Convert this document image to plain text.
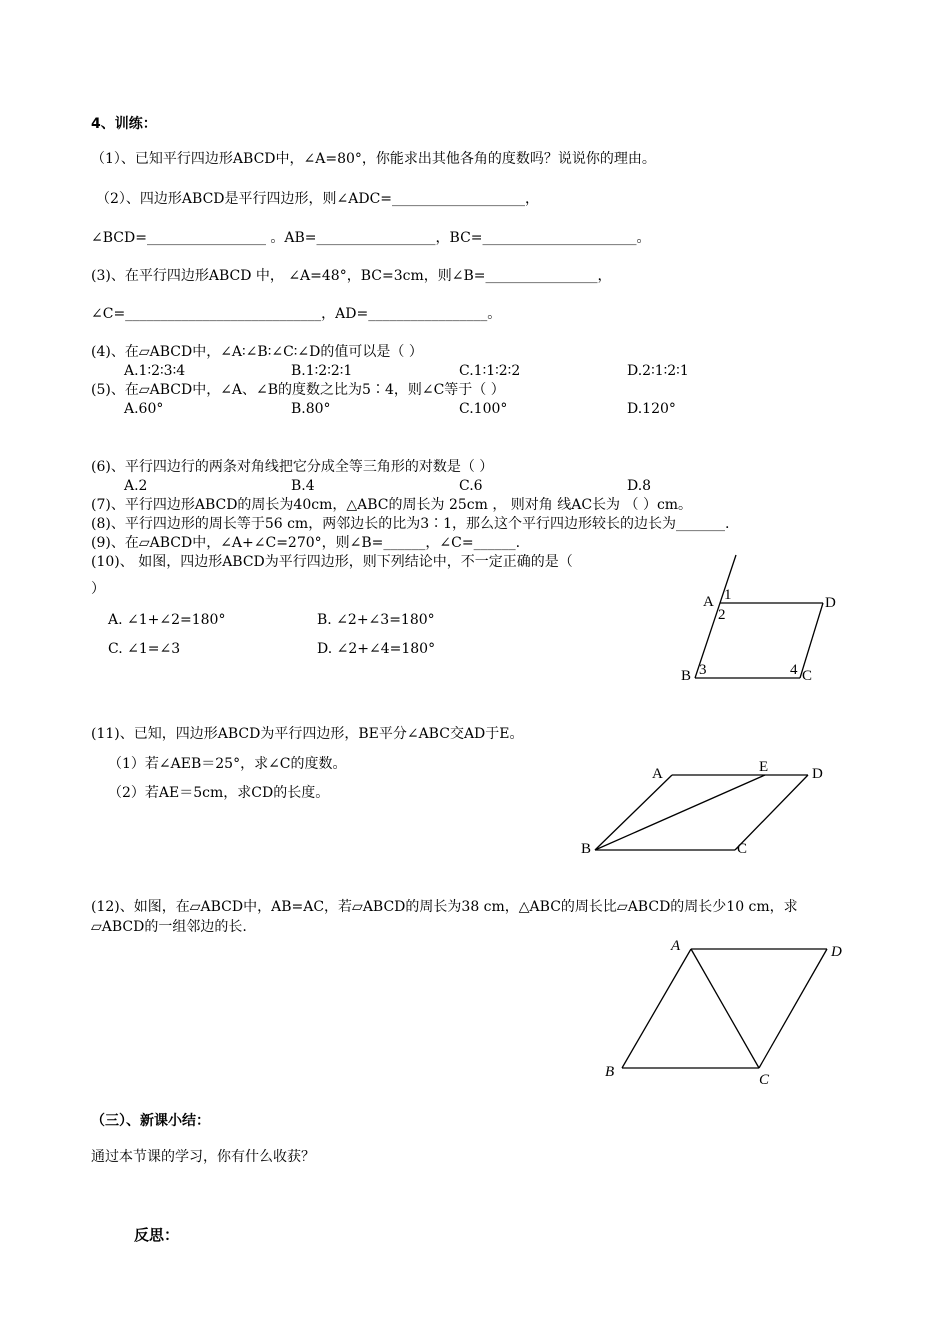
4、训练：
（1）、已知平行四边形ABCD中，∠A=80°，你能求出其他各角的度数吗？说说你的理由。
（2）、四边形ABCD是平行四边形，则∠ADC=___________________，
∠BCD=_________________ 。AB=_________________，BC=______________________。
(3)、在平行四边形ABCD 中， ∠A=48°，BC=3cm，则∠B=________________，
∠C=____________________________，AD=_________________。
(4)、在▱ABCD中，∠A∶∠B∶∠C∶∠D的值可以是（ ）
A.1∶2∶3∶4	B.1∶2∶2∶1	C.1∶1∶2∶2	D.2∶1∶2∶1
(5)、在▱ABCD中，∠A、∠B的度数之比为5∶4，则∠C等于（ ）
A.60°	B.80°	C.100°	D.120°
(6)、平行四边行的两条对角线把它分成全等三角形的对数是（ ）
A.2	B.4	C.6	D.8
(7)、平行四边形ABCD的周长为40cm，△ABC的周长为 25cm ， 则对角 线AC长为 （ ）cm。
(8)、平行四边形的周长等于56 cm，两邻边长的比为3∶1，那么这个平行四边形较长的边长为_______.
(9)、在▱ABCD中，∠A+∠C=270°，则∠B=______，∠C=______.
(10)、 如图，四边形ABCD为平行四边形，则下列结论中，不一定正确的是（
）
A. ∠1+∠2=180°	B. ∠2+∠3=180°
C. ∠1=∠3	D. ∠2+∠4=180°
A 1
2
D
B 3	4 C
(11)、已知，四边形ABCD为平行四边形，BE平分∠ABC交AD于E。
（1）若∠AEB＝25°，求∠C的度数。
（2）若AE＝5cm，求CD的长度。
A	E	D
B	C
(12)、如图，在▱ABCD中，AB=AC，若▱ABCD的周长为38 cm，△ABC的周长比▱ABCD的周长少10 cm，求
▱ABCD的一组邻边的长.
A	D
B	C
（三）、新课小结：
通过本节课的学习，你有什么收获？
反思：
